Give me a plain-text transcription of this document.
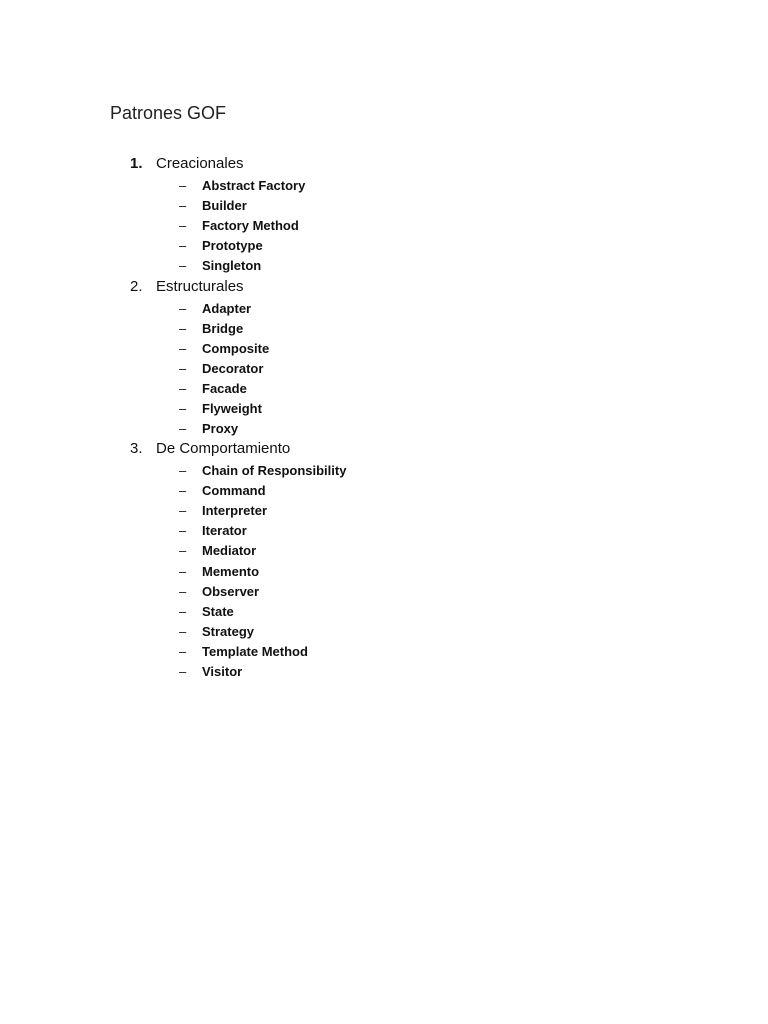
Patrones GOF
1. Creacionales
– Abstract Factory
– Builder
– Factory Method
– Prototype
– Singleton
2. Estructurales
– Adapter
– Bridge
– Composite
– Decorator
– Facade
– Flyweight
– Proxy
3. De Comportamiento
– Chain of Responsibility
– Command
– Interpreter
– Iterator
– Mediator
– Memento
– Observer
– State
– Strategy
– Template Method
– Visitor
